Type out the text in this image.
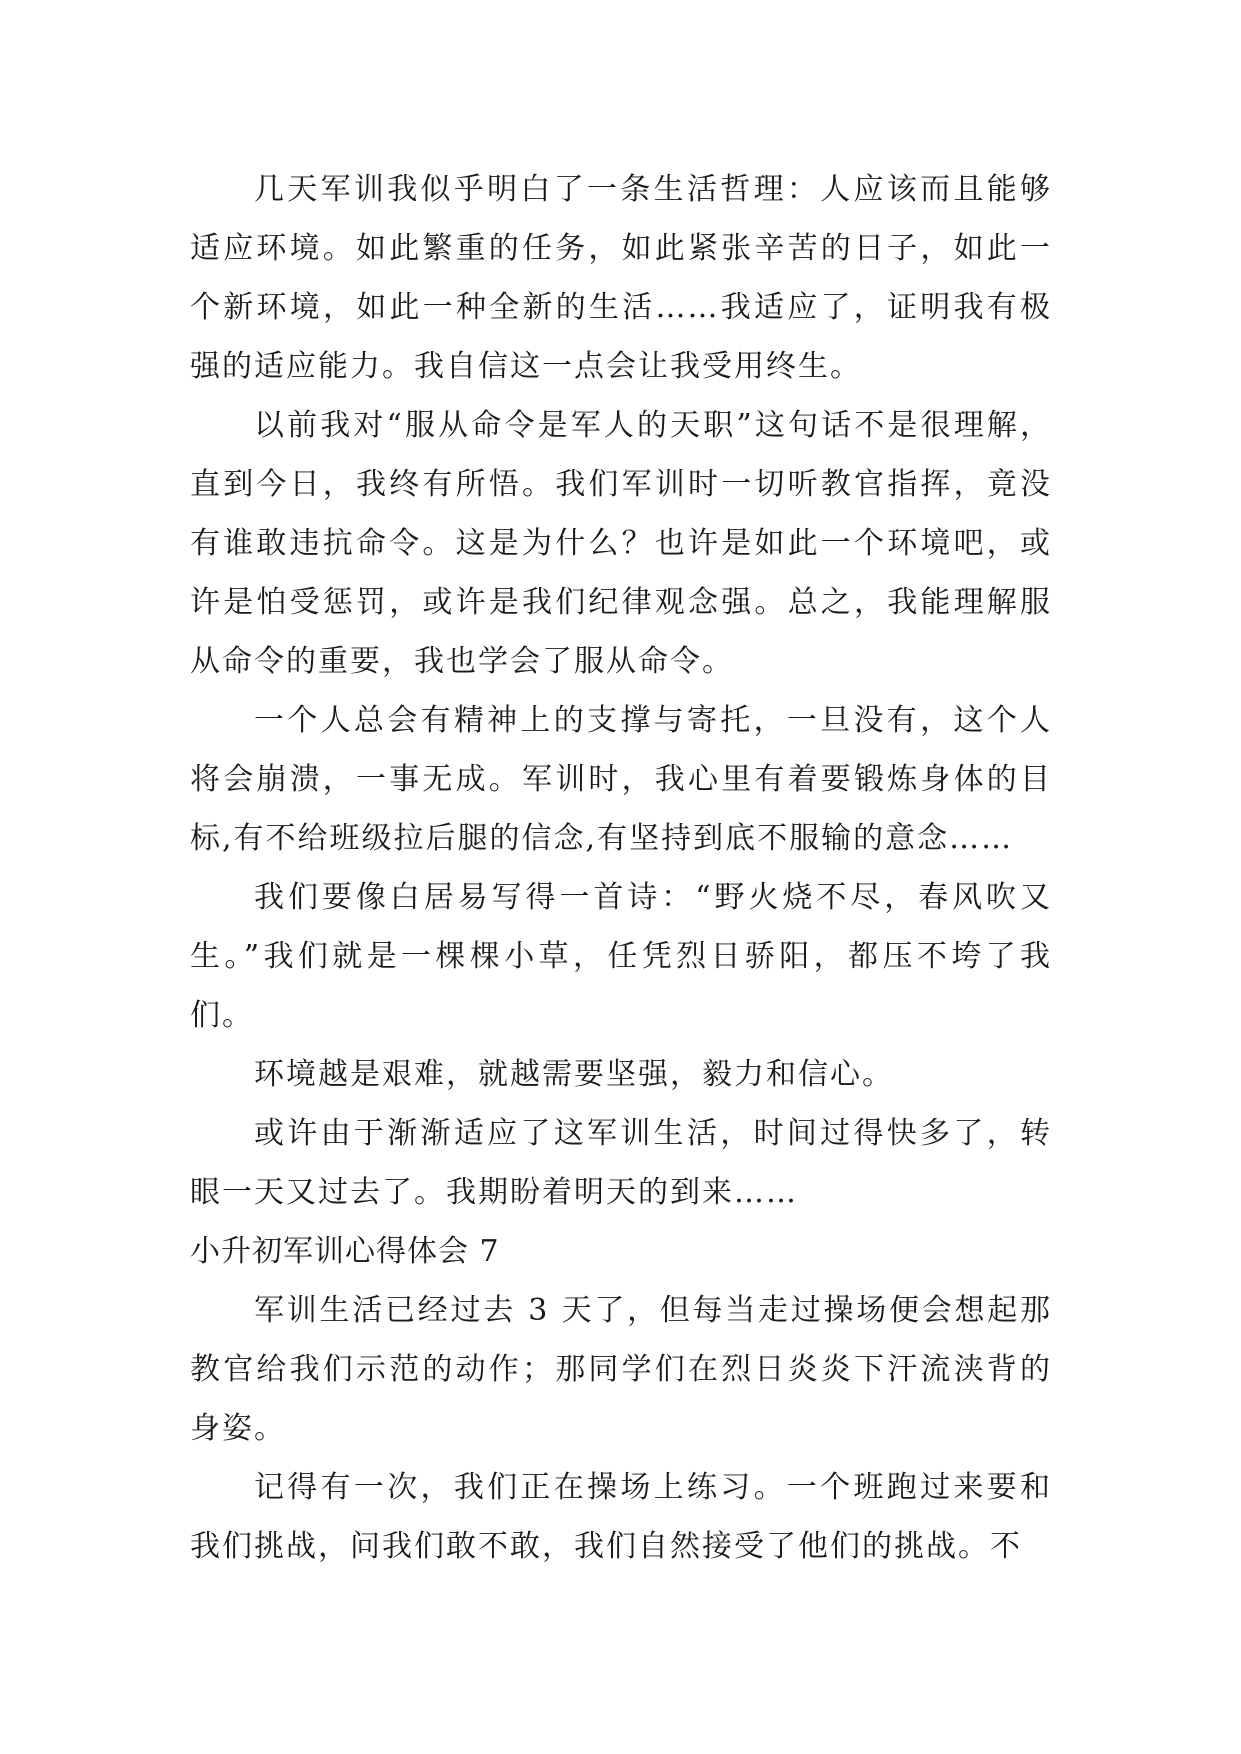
几天军训我似乎明白了一条生活哲理：人应该而且能够适应环境。如此繁重的任务，如此紧张辛苦的日子，如此一个新环境，如此一种全新的生活……我适应了，证明我有极强的适应能力。我自信这一点会让我受用终生。

以前我对“服从命令是军人的天职”这句话不是很理解，直到今日，我终有所悟。我们军训时一切听教官指挥，竟没有谁敢违抗命令。这是为什么？也许是如此一个环境吧，或许是怕受惩罚，或许是我们纪律观念强。总之，我能理解服从命令的重要，我也学会了服从命令。

一个人总会有精神上的支撑与寄托，一旦没有，这个人将会崩溃，一事无成。军训时，我心里有着要锻炼身体的目标,有不给班级拉后腿的信念,有坚持到底不服输的意念……

我们要像白居易写得一首诗：“野火烧不尽，春风吹又生。”我们就是一棵棵小草，任凭烈日骄阳，都压不垮了我们。

环境越是艰难，就越需要坚强，毅力和信心。

或许由于渐渐适应了这军训生活，时间过得快多了，转眼一天又过去了。我期盼着明天的到来……

小升初军训心得体会 7

军训生活已经过去 3 天了，但每当走过操场便会想起那教官给我们示范的动作；那同学们在烈日炎炎下汗流浃背的身姿。

记得有一次，我们正在操场上练习。一个班跑过来要和我们挑战，问我们敢不敢，我们自然接受了他们的挑战。不
